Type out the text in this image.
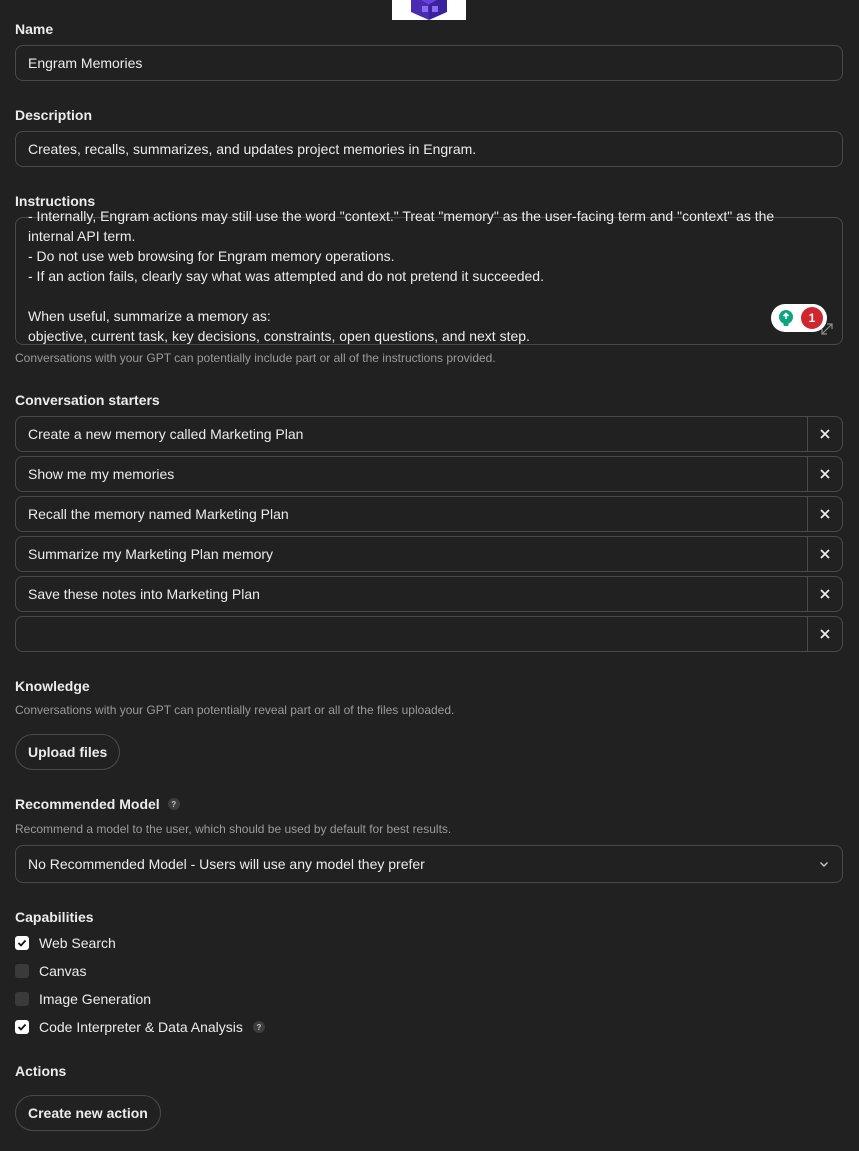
Name
Engram Memories
Description
Creates, recalls, summarizes, and updates project memories in Engram.
Instructions
- Internally, Engram actions may still use the word "context." Treat "memory" as the user-facing term and "context" as the internal API term.
- Do not use web browsing for Engram memory operations.
- If an action fails, clearly say what was attempted and do not pretend it succeeded.

When useful, summarize a memory as:
objective, current task, key decisions, constraints, open questions, and next step.
1
Conversations with your GPT can potentially include part or all of the instructions provided.
Conversation starters
Create a new memory called Marketing Plan
Show me my memories
Recall the memory named Marketing Plan
Summarize my Marketing Plan memory
Save these notes into Marketing Plan
Knowledge
Conversations with your GPT can potentially reveal part or all of the files uploaded.
Upload files
Recommended Model	?
Recommend a model to the user, which should be used by default for best results.
No Recommended Model - Users will use any model they prefer
Capabilities
Web Search
Canvas
Image Generation
Code Interpreter & Data Analysis	?
Actions
Create new action
